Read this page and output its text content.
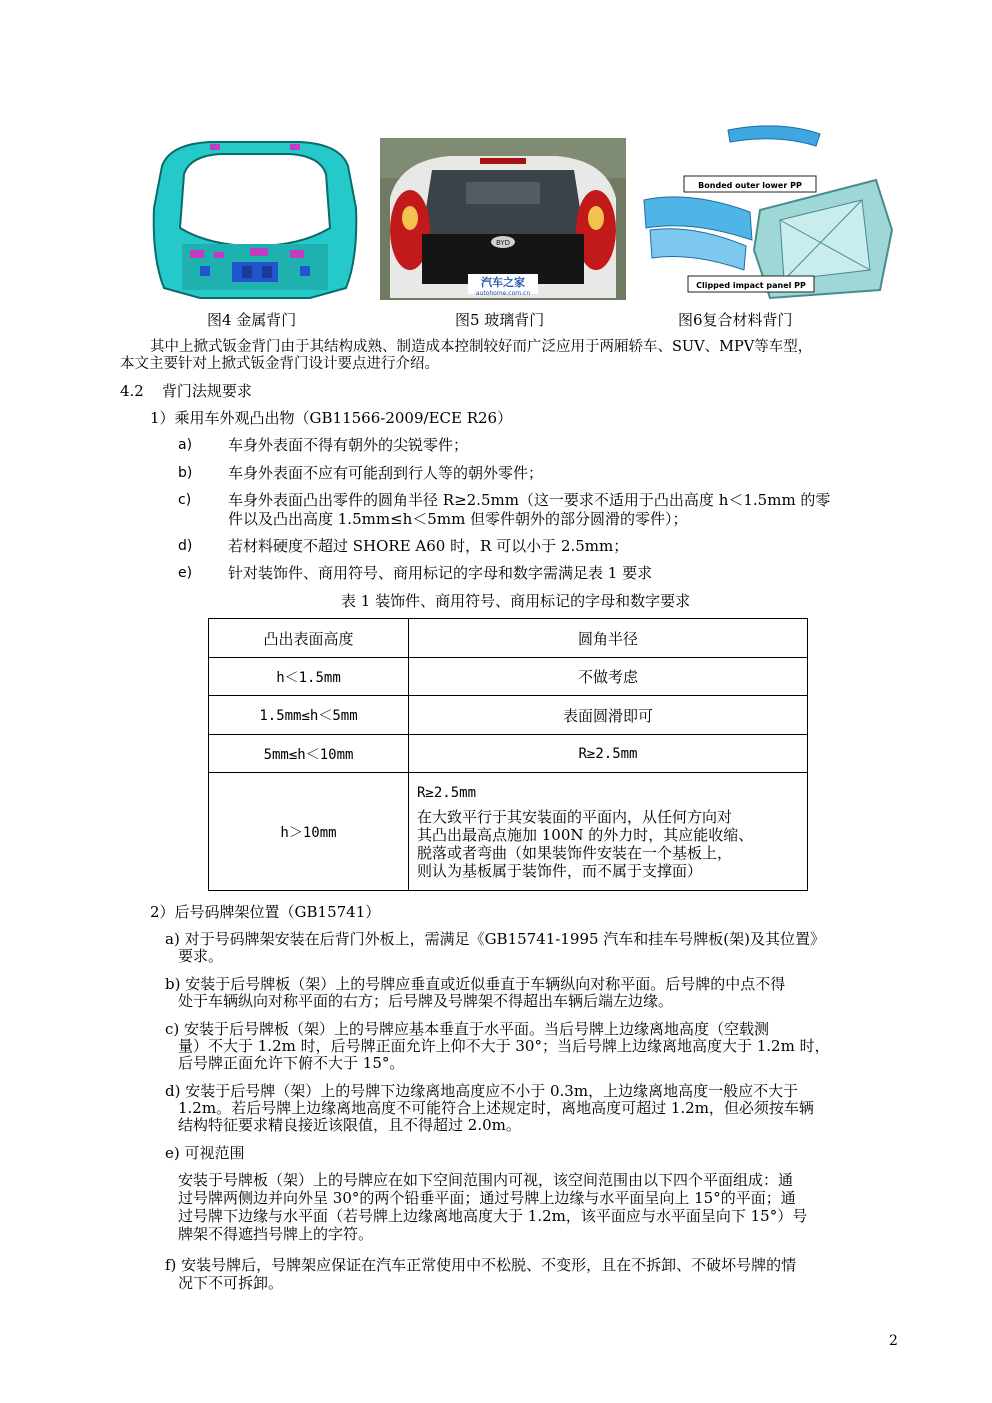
BYD
汽车之家
autohome.com.cn
Bonded outer lower PP
Clipped impact panel PP
图4 金属背门	图5 玻璃背门	图6复合材料背门
其中上掀式钣金背门由于其结构成熟、制造成本控制较好而广泛应用于两厢轿车、SUV、MPV等车型，
本文主要针对上掀式钣金背门设计要点进行介绍。
4.2 背门法规要求
1）乘用车外观凸出物（GB11566-2009/ECE R26）
a) 车身外表面不得有朝外的尖锐零件；
b) 车身外表面不应有可能刮到行人等的朝外零件；
c) 车身外表面凸出零件的圆角半径 R≥2.5mm（这一要求不适用于凸出高度 h＜1.5mm 的零
件以及凸出高度 1.5mm≤h＜5mm 但零件朝外的部分圆滑的零件）；
d) 若材料硬度不超过 SHORE A60 时，R 可以小于 2.5mm；
e) 针对装饰件、商用符号、商用标记的字母和数字需满足表 1 要求
表 1 装饰件、商用符号、商用标记的字母和数字要求
凸出表面高度	圆角半径
h＜1.5mm	不做考虑
1.5mm≤h＜5mm	表面圆滑即可
5mm≤h＜10mm	R≥2.5mm
h＞10mm	R≥2.5mm
在大致平行于其安装面的平面内，从任何方向对
其凸出最高点施加 100N 的外力时，其应能收缩、
脱落或者弯曲（如果装饰件安装在一个基板上，
则认为基板属于装饰件，而不属于支撑面）
2）后号码牌架位置（GB15741）
a) 对于号码牌架安装在后背门外板上，需满足《GB15741-1995 汽车和挂车号牌板(架)及其位置》
要求。
b) 安装于后号牌板（架）上的号牌应垂直或近似垂直于车辆纵向对称平面。后号牌的中点不得
处于车辆纵向对称平面的右方；后号牌及号牌架不得超出车辆后端左边缘。
c) 安装于后号牌板（架）上的号牌应基本垂直于水平面。当后号牌上边缘离地高度（空载测
量）不大于 1.2m 时，后号牌正面允许上仰不大于 30°；当后号牌上边缘离地高度大于 1.2m 时，
后号牌正面允许下俯不大于 15°。
d) 安装于后号牌（架）上的号牌下边缘离地高度应不小于 0.3m，上边缘离地高度一般应不大于
1.2m。若后号牌上边缘离地高度不可能符合上述规定时，离地高度可超过 1.2m，但必须按车辆
结构特征要求精良接近该限值，且不得超过 2.0m。
e) 可视范围
安装于号牌板（架）上的号牌应在如下空间范围内可视，该空间范围由以下四个平面组成：通
过号牌两侧边并向外呈 30°的两个铅垂平面；通过号牌上边缘与水平面呈向上 15°的平面；通
过号牌下边缘与水平面（若号牌上边缘离地高度大于 1.2m，该平面应与水平面呈向下 15°）号
牌架不得遮挡号牌上的字符。
f) 安装号牌后，号牌架应保证在汽车正常使用中不松脱、不变形，且在不拆卸、不破坏号牌的情
况下不可拆卸。
2
